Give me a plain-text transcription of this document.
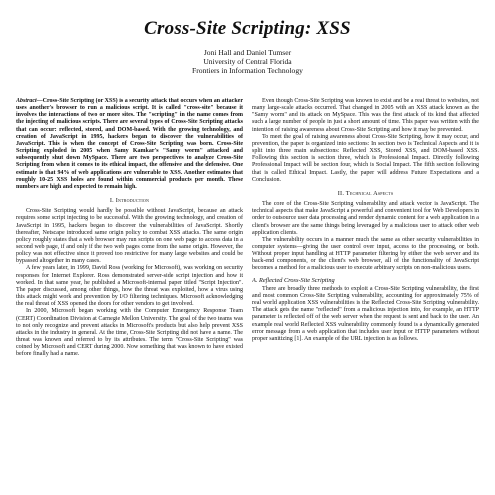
Cross-Site Scripting: XSS
Joni Hall and Daniel Tumser
University of Central Florida
Frontiers in Information Technology

Abstract—Cross-Site Scripting (or XSS) is a security attack that occurs when an attacker uses another's browser to run a malicious script. It is called "cross-site" because it involves the interactions of two or more sites. The "scripting" in the name comes from the injecting of malicious scripts. There are several types of Cross-Site Scripting attacks that can occur: reflected, stored, and DOM-based. With the growing technology, and creation of JavaScript in 1995, hackers began to discover the vulnerabilities of JavaScript. This is when the concept of Cross-Site Scripting was born. Cross-Site Scripting exploded in 2005 when Samy Kamkar's "Samy worm" attacked and subsequently shut down MySpace. There are two perspectives to analyze Cross-Site Scripting from when it comes to its ethical impact, the offensive and the defensive. One estimate is that 94% of web applications are vulnerable to XSS. Another estimates that roughly 10-25 XSS holes are found within commercial products per month. These numbers are high and expected to remain high.

I. Introduction

Cross-Site Scripting would hardly be possible without JavaScript, because an attack requires some script injecting to be successful. With the growing technology, and creation of JavaScript in 1995, hackers began to discover the vulnerabilities of JavaScript. Shortly thereafter, Netscape introduced same origin policy to combat XSS attacks. The same origin policy roughly states that a web browser may run scripts on one web page to access data in a second web page, if and only if the two web pages come from the same origin. However, the policy was not effective since it proved too restrictive for many large websites and could be bypassed altogether in many cases.

A few years later, in 1999, David Ross (working for Microsoft), was working on security responses for Internet Explorer. Ross demonstrated server-side script injection and how it worked. In that same year, he published a Microsoft-internal paper titled "Script Injection". The paper discussed, among other things, how the threat was exploited, how a virus using this attack might work and prevention by I/O filtering techniques. Microsoft acknowledging the real threat of XSS opened the doors for other vendors to get involved.

In 2000, Microsoft began working with the Computer Emergency Response Team (CERT) Coordination Division at Carnegie Mellon University. The goal of the two teams was to not only recognize and prevent attacks in Microsoft's products but also help prevent XSS attacks in the industry in general. At the time, Cross-Site Scripting did not have a name. The threat was known and referred to by its attributes. The term "Cross-Site Scripting" was coined by Microsoft and CERT during 2000. Now something that was known to have existed before finally had a name.

Even though Cross-Site Scripting was known to exist and be a real threat to websites, not many large-scale attacks occurred. That changed in 2005 with an XSS attack known as the "Samy worm" and its attack on MySpace. This was the first attack of its kind that affected such a large number of people in just a short amount of time. This paper was written with the intention of raising awareness about Cross-Site Scripting and how it may be prevented.

To meet the goal of raising awareness about Cross-Site Scripting, how it may occur, and prevention, the paper is organized into sections: In section two is Technical Aspects and it is split into three main subsections: Reflected XSS, Stored XSS, and DOM-based XSS. Following this section is section three, which is Professional Impact. Directly following Professional Impact will be section four, which is Social Impact. The fifth section following that is called Ethical Impact. Lastly, the paper will address Future Expectations and a Conclusion.

II. Technical Aspects

The core of the Cross-Site Scripting vulnerability and attack vector is JavaScript. The technical aspects that make JavaScript a powerful and convenient tool for Web Developers in order to outsource user data processing and render dynamic content for a web application in a client's browser are the same things being leveraged by a malicious user to attack other web application clients.

The vulnerability occurs in a manner much the same as other security vulnerabilities in computer systems—giving the user control over input, access to the processing, or both. Without proper input handling at HTTP parameter filtering by either the web server and its back-end components, or the client's web browser, all of the functionality of JavaScript becomes a method for a malicious user to execute arbitrary scripts on non-malicious users.

A. Reflected Cross-Site Scripting

There are broadly three methods to exploit a Cross-Site Scripting vulnerability, the first and most common Cross-Site Scripting vulnerability, accounting for approximately 75% of real world application XSS vulnerabilities is the Reflected Cross-Site Scripting vulnerability. The attack gets the name "reflected" from a malicious injection into, for example, an HTTP parameter is reflected off of the web server when the request is sent and back to the user. An example real world Reflected XSS vulnerability commonly found is a dynamically generated error message from a web application that includes user input or HTTP parameters without proper sanitizing [1]. An example of the URL injection is as follows.
